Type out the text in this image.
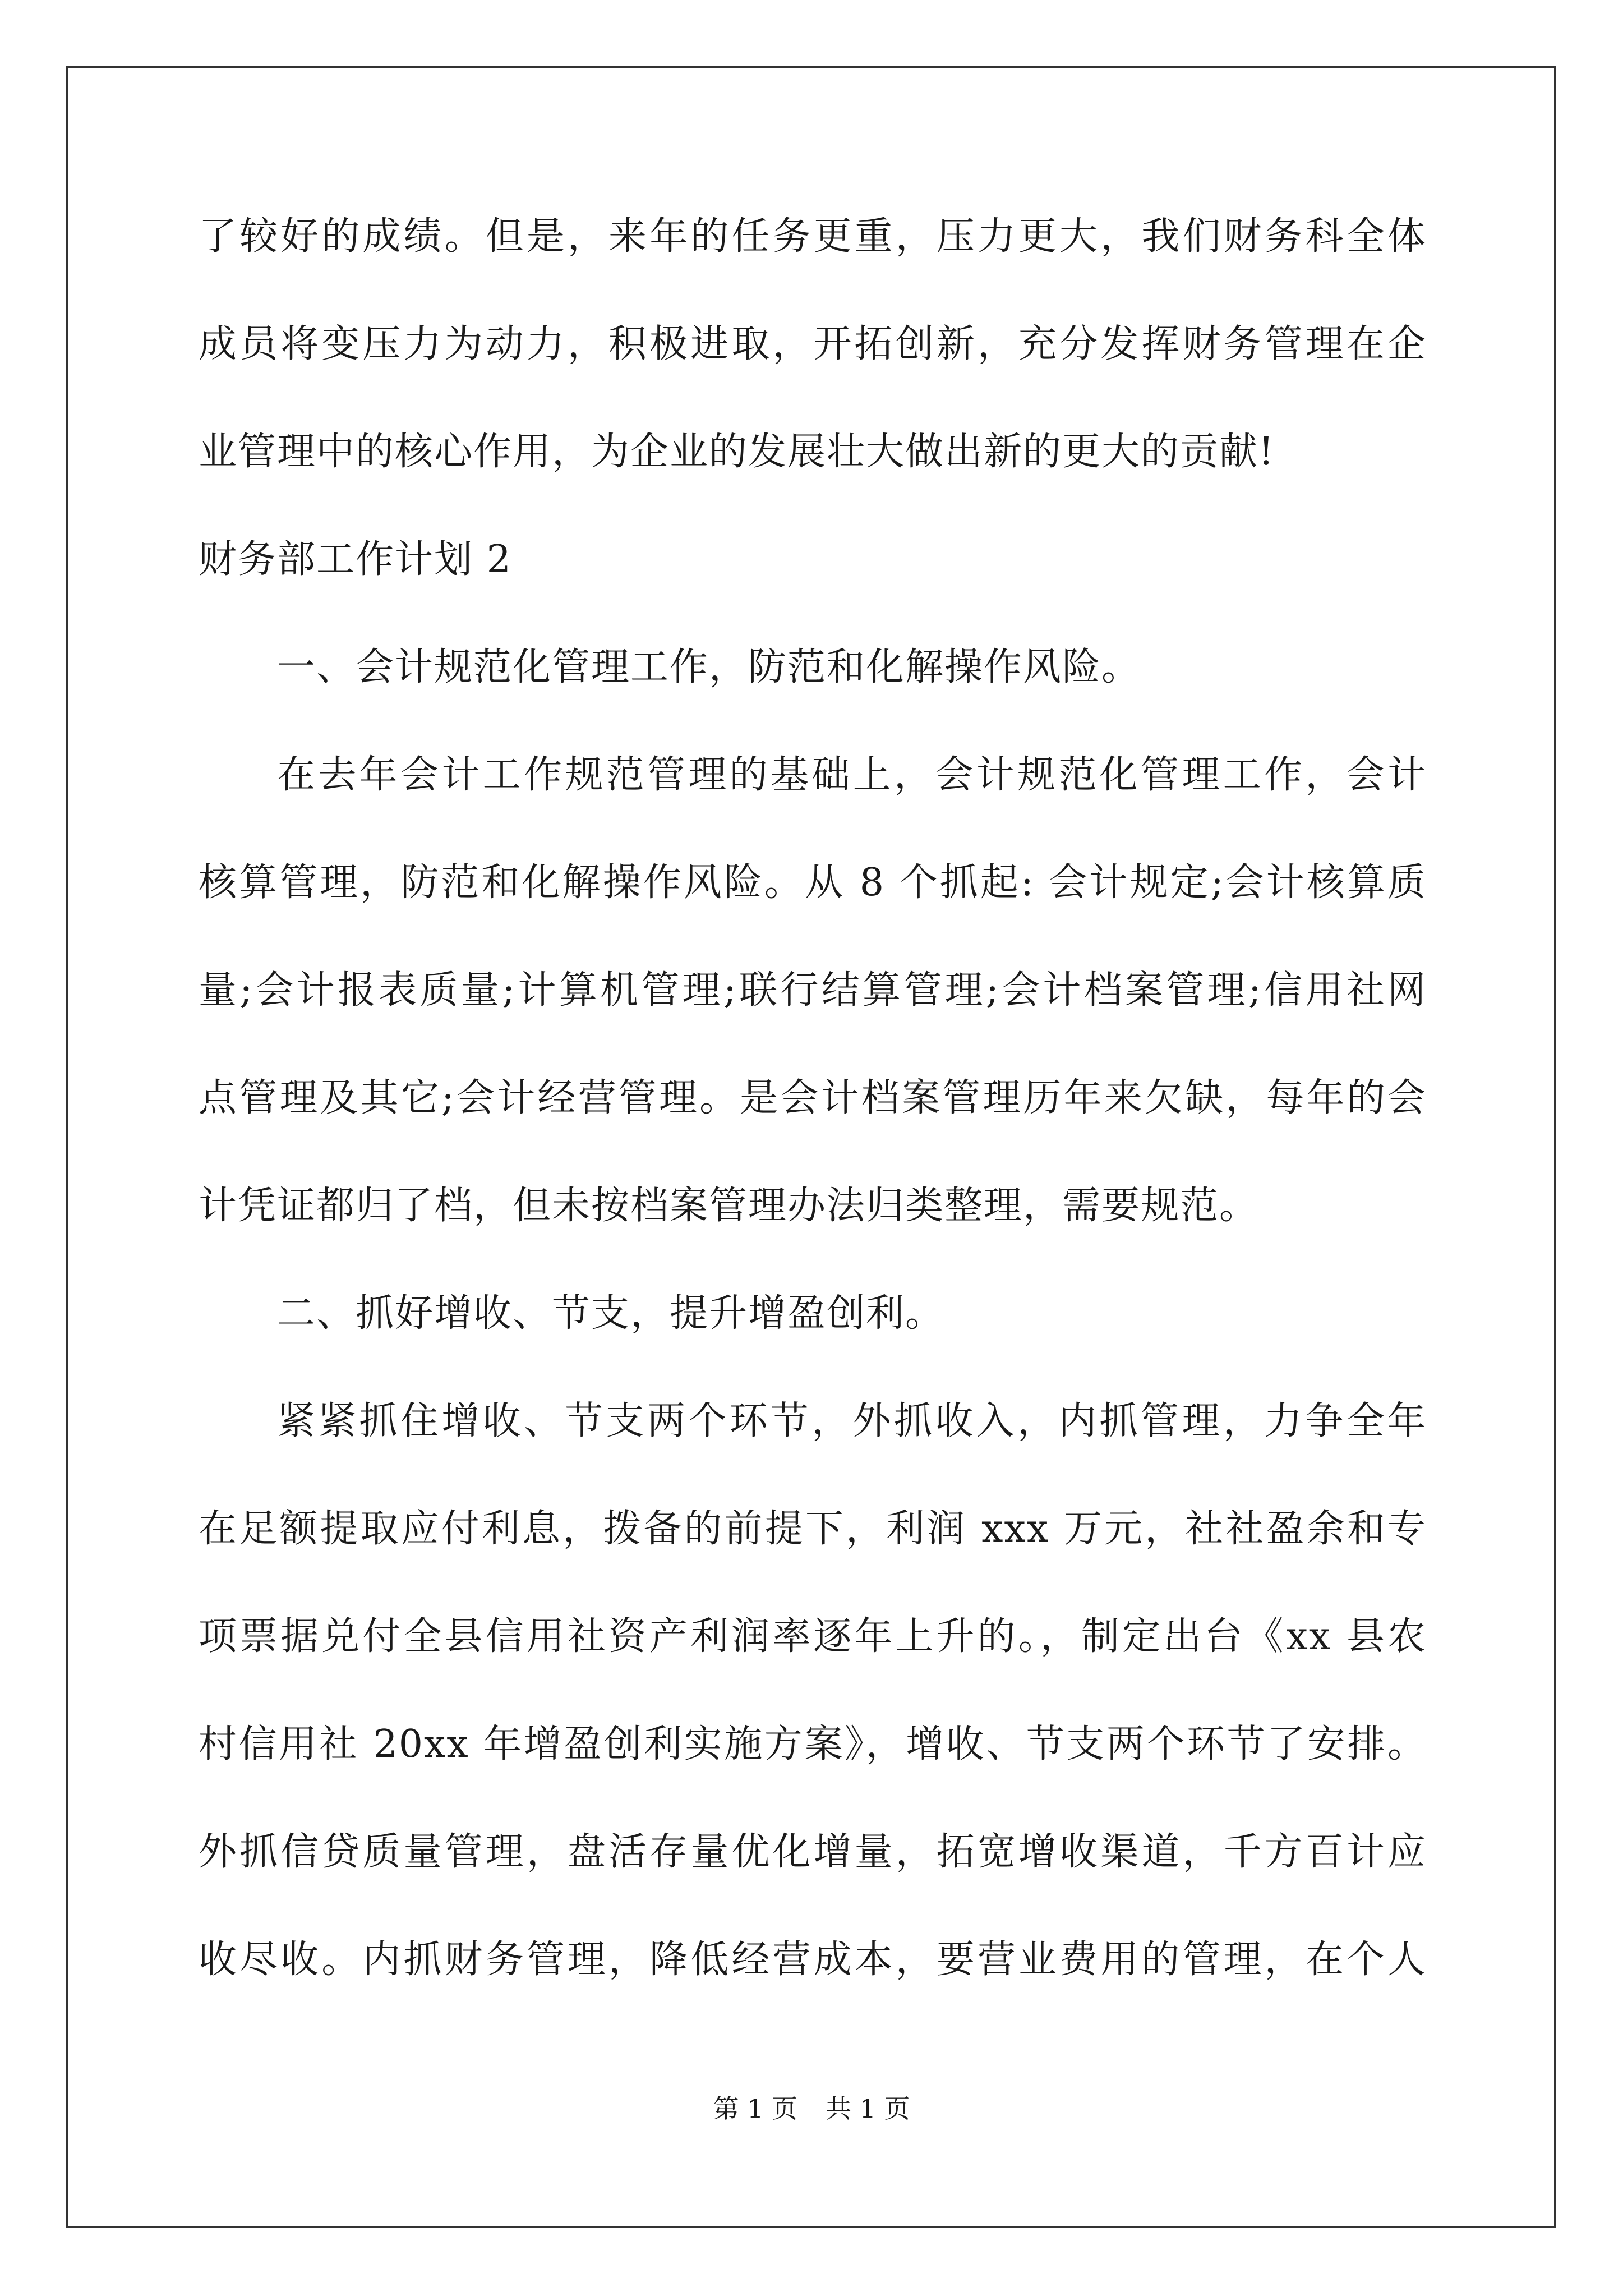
了较好的成绩。但是，来年的任务更重，压力更大，我们财务科全体
成员将变压力为动力，积极进取，开拓创新，充分发挥财务管理在企
业管理中的核心作用，为企业的发展壮大做出新的更大的贡献!
财务部工作计划 2
一、会计规范化管理工作，防范和化解操作风险。
在去年会计工作规范管理的基础上，会计规范化管理工作，会计
核算管理，防范和化解操作风险。从 8 个抓起: 会计规定;会计核算质
量;会计报表质量;计算机管理;联行结算管理;会计档案管理;信用社网
点管理及其它;会计经营管理。是会计档案管理历年来欠缺，每年的会
计凭证都归了档，但未按档案管理办法归类整理，需要规范。
二、抓好增收、节支，提升增盈创利。
紧紧抓住增收、节支两个环节，外抓收入，内抓管理，力争全年
在足额提取应付利息，拨备的前提下，利润 xxx 万元，社社盈余和专
项票据兑付全县信用社资产利润率逐年上升的。，制定出台《xx 县农
村信用社 20xx 年增盈创利实施方案》，增收、节支两个环节了安排。
外抓信贷质量管理，盘活存量优化增量，拓宽增收渠道，千方百计应
收尽收。内抓财务管理，降低经营成本，要营业费用的管理，在个人
第 1 页 共 1 页
